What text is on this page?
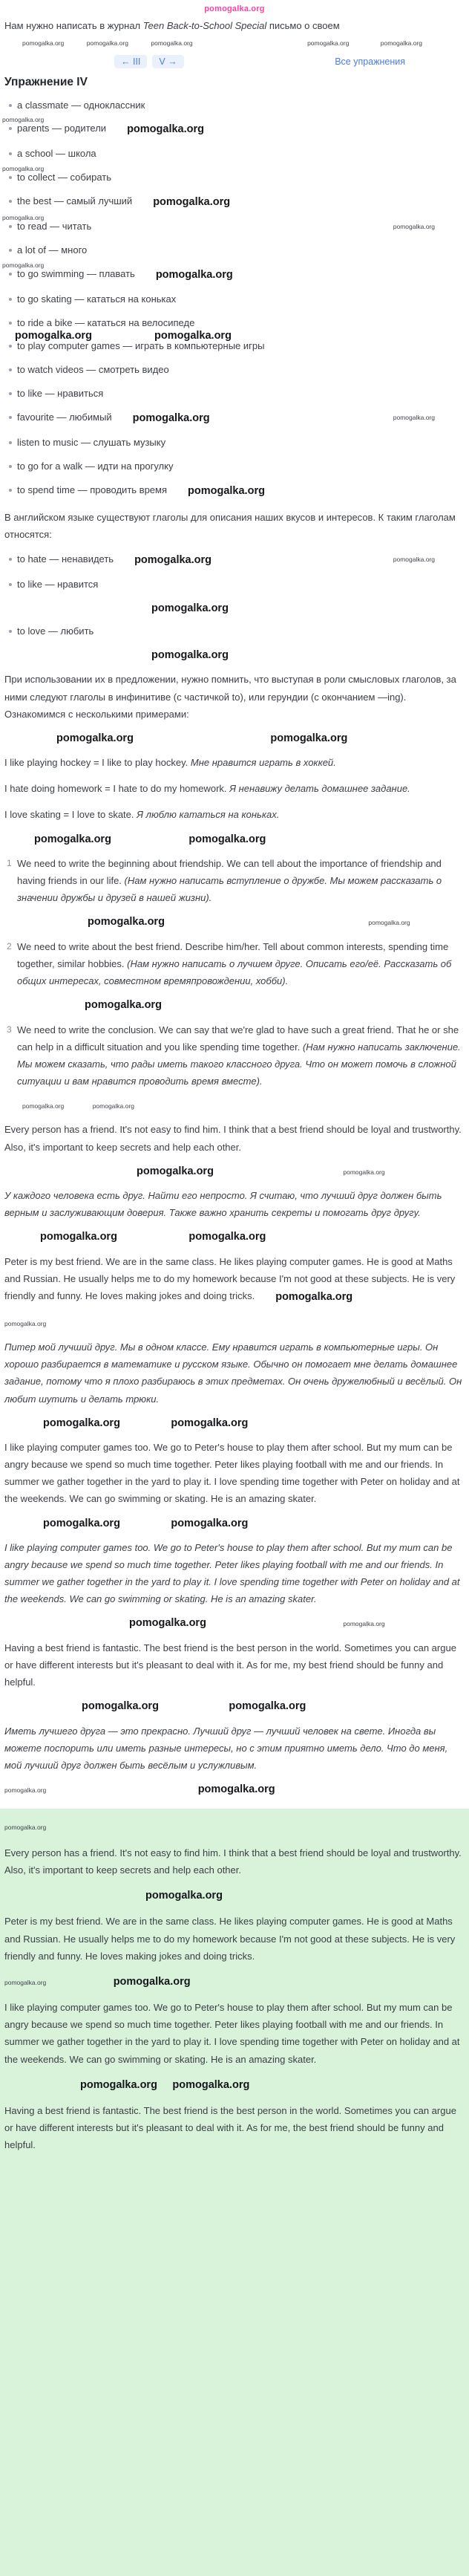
pomogalka.org

Нам нужно написать в журнал Teen Back-to-School Special письмо о своем

pomogalka.org	pomogalka.org	pomogalka.org	pomogalka.org	pomogalka.org
← III	V →	Все упражнения
Упражнение IV
a classmate — одноклассник
pomogalka.org
parents — родители pomogalka.org
a school — школа
pomogalka.org
to collect — собирать
the best — самый лучший pomogalka.org
pomogalka.org
to read — читать	pomogalka.org
a lot of — много
pomogalka.org
to go swimming — плавать pomogalka.org
to go skating — кататься на коньках
to ride a bike — кататься на велосипеде
pomogalka.org	pomogalka.org
to play computer games — играть в компьютерные игры
to watch videos — смотреть видео
to like — нравиться
favourite — любимый pomogalka.org	pomogalka.org
listen to music — слушать музыку
to go for a walk — идти на прогулку
to spend time — проводить время pomogalka.org

В английском языке существуют глаголы для описания наших вкусов и интересов. К таким глаголам относятся:

to hate — ненавидеть pomogalka.org	pomogalka.org
to like — нравится
pomogalka.org
to love — любить
pomogalka.org

При использовании их в предложении, нужно помнить, что выступая в роли смысловых глаголов, за ними следуют глаголы в инфинитиве (с частичкой to), или герундии (с окончанием —ing). Ознакомимся с несколькими примерами:

pomogalka.org	pomogalka.org

I like playing hockey = I like to play hockey. Мне нравится играть в хоккей.

I hate doing homework = I hate to do my homework. Я ненавижу делать домашнее задание.

I love skating = I love to skate. Я люблю кататься на коньках.

pomogalka.org	pomogalka.org
1 We need to write the beginning about friendship. We can tell about the importance of friendship and having friends in our life. (Нам нужно написать вступление о дружбе. Мы можем рассказать о значении дружбы и друзей в нашей жизни).
pomogalka.org	pomogalka.org
2 We need to write about the best friend. Describe him/her. Tell about common interests, spending time together, similar hobbies. (Нам нужно написать о лучшем друге. Описать его/её. Рассказать об общих интересах, совместном времяпровождении, хобби).
pomogalka.org
3 We need to write the conclusion. We can say that we're glad to have such a great friend. That he or she can help in a difficult situation and you like spending time together. (Нам нужно написать заключение. Мы можем сказать, что рады иметь такого классного друга. Что он может помочь в сложной ситуации и вам нравится проводить время вместе).
pomogalka.org	pomogalka.org

Every person has a friend. It's not easy to find him. I think that a best friend should be loyal and trustworthy. Also, it's important to keep secrets and help each other.

pomogalka.org	pomogalka.org

У каждого человека есть друг. Найти его непросто. Я считаю, что лучший друг должен быть верным и заслуживающим доверия. Также важно хранить секреты и помогать друг другу.

pomogalka.org	pomogalka.org

Peter is my best friend. We are in the same class. He likes playing computer games. He is good at Maths and Russian. He usually helps me to do my homework because I'm not good at these subjects. He is very friendly and funny. He loves making jokes and doing tricks. pomogalka.org

pomogalka.org

Питер мой лучший друг. Мы в одном классе. Ему нравится играть в компьютерные игры. Он хорошо разбирается в математике и русском языке. Обычно он помогает мне делать домашнее задание, потому что я плохо разбираюсь в этих предметах. Он очень дружелюбный и весёлый. Он любит шутить и делать трюки.

pomogalka.org	pomogalka.org

I like playing computer games too. We go to Peter's house to play them after school. But my mum can be angry because we spend so much time together. Peter likes playing football with me and our friends. In summer we gather together in the yard to play it. I love spending time together with Peter on holiday and at the weekends. We can go swimming or skating. He is an amazing skater.

pomogalka.org	pomogalka.org

I like playing computer games too. We go to Peter's house to play them after school. But my mum can be angry because we spend so much time together. Peter likes playing football with me and our friends. In summer we gather together in the yard to play it. I love spending time together with Peter on holiday and at the weekends. We can go swimming or skating. He is an amazing skater.

pomogalka.org	pomogalka.org

Having a best friend is fantastic. The best friend is the best person in the world. Sometimes you can argue or have different interests but it's pleasant to deal with it. As for me, my best friend should be funny and helpful.

pomogalka.org	pomogalka.org

Иметь лучшего друга — это прекрасно. Лучший друг — лучший человек на свете. Иногда вы можете поспорить или иметь разные интересы, но с этим приятно иметь дело. Что до меня, мой лучший друг должен быть весёлым и услужливым.

pomogalka.org	pomogalka.org
pomogalka.org

Every person has a friend. It's not easy to find him. I think that a best friend should be loyal and trustworthy. Also, it's important to keep secrets and help each other.

pomogalka.org

Peter is my best friend. We are in the same class. He likes playing computer games. He is good at Maths and Russian. He usually helps me to do my homework because I'm not good at these subjects. He is very friendly and funny. He loves making jokes and doing tricks.

pomogalka.org	pomogalka.org

I like playing computer games too. We go to Peter's house to play them after school. But my mum can be angry because we spend so much time together. Peter likes playing football with me and our friends. In summer we gather together in the yard to play it. I love spending time together with Peter on holiday and at the weekends. We can go swimming or skating. He is an amazing skater.

pomogalka.org pomogalka.org

Having a best friend is fantastic. The best friend is the best person in the world. Sometimes you can argue or have different interests but it's pleasant to deal with it. As for me, the best friend should be funny and helpful.
